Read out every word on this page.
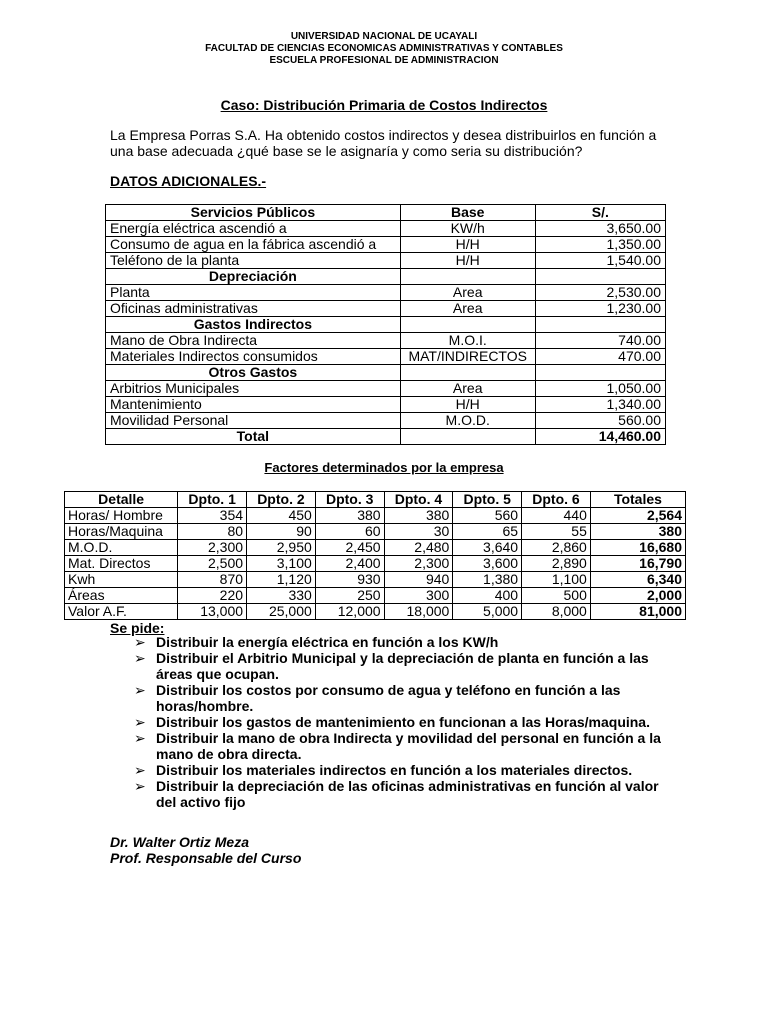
UNIVERSIDAD NACIONAL DE UCAYALI
FACULTAD DE CIENCIAS ECONOMICAS ADMINISTRATIVAS Y CONTABLES
ESCUELA PROFESIONAL DE ADMINISTRACION
Caso: Distribución Primaria de Costos Indirectos
La Empresa Porras S.A. Ha obtenido costos indirectos y desea distribuirlos en función a una base adecuada ¿qué base se le asignaría y como seria su distribución?
DATOS ADICIONALES.-
Servicios Públicos	Base	S/.
Energía eléctrica ascendió a	KW/h	3,650.00
Consumo de agua en la fábrica ascendió a	H/H	1,350.00
Teléfono de la planta	H/H	1,540.00
Depreciación		
Planta	Area	2,530.00
Oficinas administrativas	Area	1,230.00
Gastos Indirectos		
Mano de Obra Indirecta	M.O.I.	740.00
Materiales Indirectos consumidos	MAT/INDIRECTOS	470.00
Otros Gastos		
Arbitrios Municipales	Area	1,050.00
Mantenimiento	H/H	1,340.00
Movilidad Personal	M.O.D.	560.00
Total		14,460.00
Factores determinados por la empresa
Detalle	Dpto. 1	Dpto. 2	Dpto. 3	Dpto. 4	Dpto. 5	Dpto. 6	Totales
Horas/ Hombre	354	450	380	380	560	440	2,564
Horas/Maquina	80	90	60	30	65	55	380
M.O.D.	2,300	2,950	2,450	2,480	3,640	2,860	16,680
Mat. Directos	2,500	3,100	2,400	2,300	3,600	2,890	16,790
Kwh	870	1,120	930	940	1,380	1,100	6,340
Áreas	220	330	250	300	400	500	2,000
Valor A.F.	13,000	25,000	12,000	18,000	5,000	8,000	81,000
Se pide:
➢ Distribuir la energía eléctrica en función a los KW/h
➢ Distribuir el Arbitrio Municipal y la depreciación de planta en función a las áreas que ocupan.
➢ Distribuir los costos por consumo de agua y teléfono en función a las horas/hombre.
➢ Distribuir los gastos de mantenimiento en funcionan a las Horas/maquina.
➢ Distribuir la mano de obra Indirecta y movilidad del personal en función a la mano de obra directa.
➢ Distribuir los materiales indirectos en función a los materiales directos.
➢ Distribuir la depreciación de las oficinas administrativas en función al valor del activo fijo
Dr. Walter Ortiz Meza
Prof. Responsable del Curso
